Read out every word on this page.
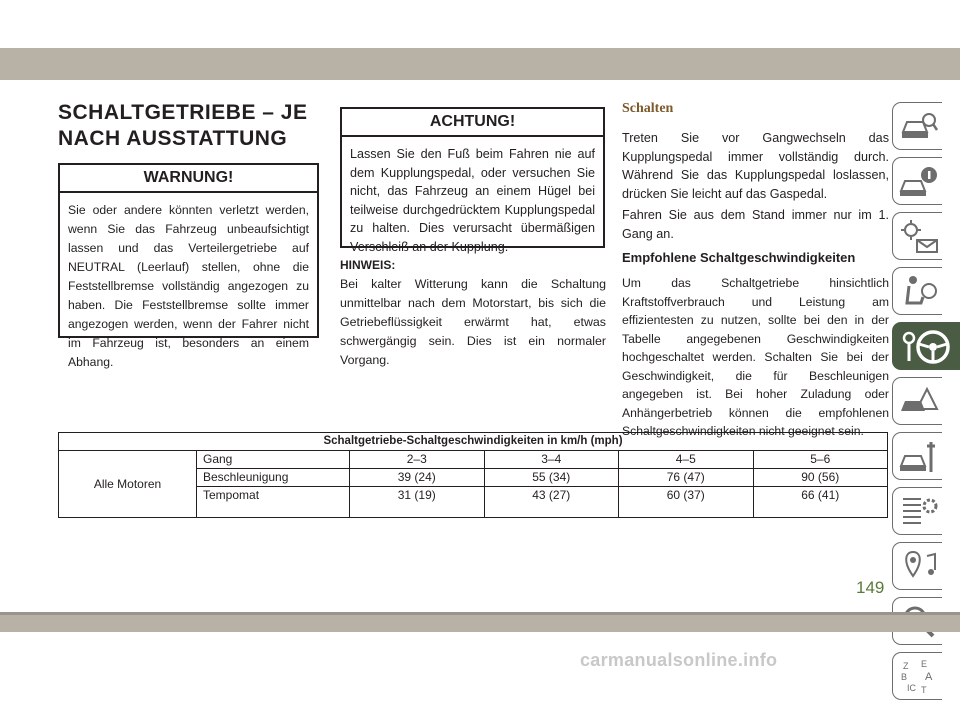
SCHALTGETRIEBE – JE
NACH AUSSTATTUNG
WARNUNG!
Sie oder andere könnten verletzt werden, wenn Sie das Fahrzeug unbeaufsichtigt lassen und das Verteilergetriebe auf NEUTRAL (Leerlauf) stellen, ohne die Feststellbremse vollständig angezogen zu haben. Die Feststellbremse sollte immer angezogen werden, wenn der Fahrer nicht im Fahrzeug ist, besonders an einem Abhang.
ACHTUNG!
Lassen Sie den Fuß beim Fahren nie auf dem Kupplungspedal, oder versuchen Sie nicht, das Fahrzeug an einem Hügel bei teilweise durchgedrücktem Kupplungspedal zu halten. Dies verursacht übermäßigen Verschleiß an der Kupplung.

HINWEIS:

Bei kalter Witterung kann die Schaltung unmittelbar nach dem Motorstart, bis sich die Getriebeflüssigkeit erwärmt hat, etwas schwergängig sein. Dies ist ein normaler Vorgang.

Schalten

Treten Sie vor Gangwechseln das Kupplungspedal immer vollständig durch. Während Sie das Kupplungspedal loslassen, drücken Sie leicht auf das Gaspedal.

Fahren Sie aus dem Stand immer nur im 1. Gang an.

Empfohlene Schaltgeschwindigkeiten

Um das Schaltgetriebe hinsichtlich Kraftstoffverbrauch und Leistung am effizientesten zu nutzen, sollte bei den in der Tabelle angegebenen Geschwindigkeiten hochgeschaltet werden. Schalten Sie bei der Geschwindigkeit, die für Beschleunigen angegeben ist. Bei hoher Zuladung oder Anhängerbetrieb können die empfohlenen Schaltgeschwindigkeiten nicht geeignet sein.

Schaltgetriebe-Schaltgeschwindigkeiten in km/h (mph)					
Alle Motoren	Gang	2–3	3–4	4–5	5–6
	Beschleunigung	39 (24)	55 (34)	76 (47)	90 (56)
	Tempomat	31 (19)	43 (27)	60 (37)	66 (41)
Z E
B A
IC T
149
carmanualsonline.info
